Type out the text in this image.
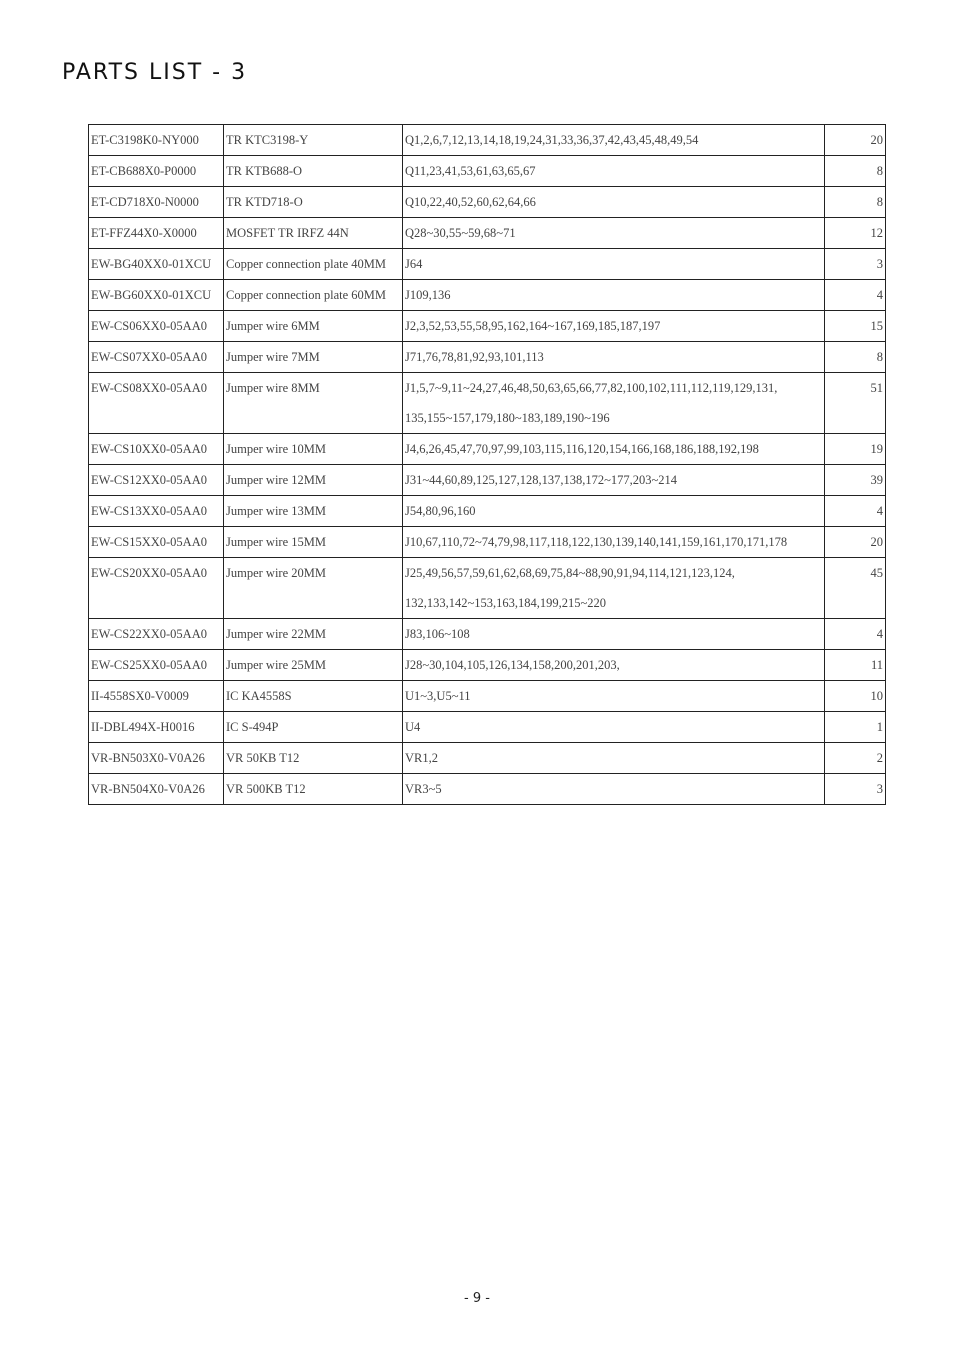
PARTS LIST - 3
ET-C3198K0-NY000	TR KTC3198-Y	Q1,2,6,7,12,13,14,18,19,24,31,33,36,37,42,43,45,48,49,54	20
ET-CB688X0-P0000	TR KTB688-O	Q11,23,41,53,61,63,65,67	8
ET-CD718X0-N0000	TR KTD718-O	Q10,22,40,52,60,62,64,66	8
ET-FFZ44X0-X0000	MOSFET TR IRFZ 44N	Q28~30,55~59,68~71	12
EW-BG40XX0-01XCU	Copper connection plate 40MM	J64	3
EW-BG60XX0-01XCU	Copper connection plate 60MM	J109,136	4
EW-CS06XX0-05AA0	Jumper wire 6MM	J2,3,52,53,55,58,95,162,164~167,169,185,187,197	15
EW-CS07XX0-05AA0	Jumper wire 7MM	J71,76,78,81,92,93,101,113	8
EW-CS08XX0-05AA0	Jumper wire 8MM	J1,5,7~9,11~24,27,46,48,50,63,65,66,77,82,100,102,111,112,119,129,131,
135,155~157,179,180~183,189,190~196	51
EW-CS10XX0-05AA0	Jumper wire 10MM	J4,6,26,45,47,70,97,99,103,115,116,120,154,166,168,186,188,192,198	19
EW-CS12XX0-05AA0	Jumper wire 12MM	J31~44,60,89,125,127,128,137,138,172~177,203~214	39
EW-CS13XX0-05AA0	Jumper wire 13MM	J54,80,96,160	4
EW-CS15XX0-05AA0	Jumper wire 15MM	J10,67,110,72~74,79,98,117,118,122,130,139,140,141,159,161,170,171,178	20
EW-CS20XX0-05AA0	Jumper wire 20MM	J25,49,56,57,59,61,62,68,69,75,84~88,90,91,94,114,121,123,124,
132,133,142~153,163,184,199,215~220	45
EW-CS22XX0-05AA0	Jumper wire 22MM	J83,106~108	4
EW-CS25XX0-05AA0	Jumper wire 25MM	J28~30,104,105,126,134,158,200,201,203,	11
II-4558SX0-V0009	IC KA4558S	U1~3,U5~11	10
II-DBL494X-H0016	IC S-494P	U4	1
VR-BN503X0-V0A26	VR 50KB T12	VR1,2	2
VR-BN504X0-V0A26	VR 500KB T12	VR3~5	3
- 9 -
